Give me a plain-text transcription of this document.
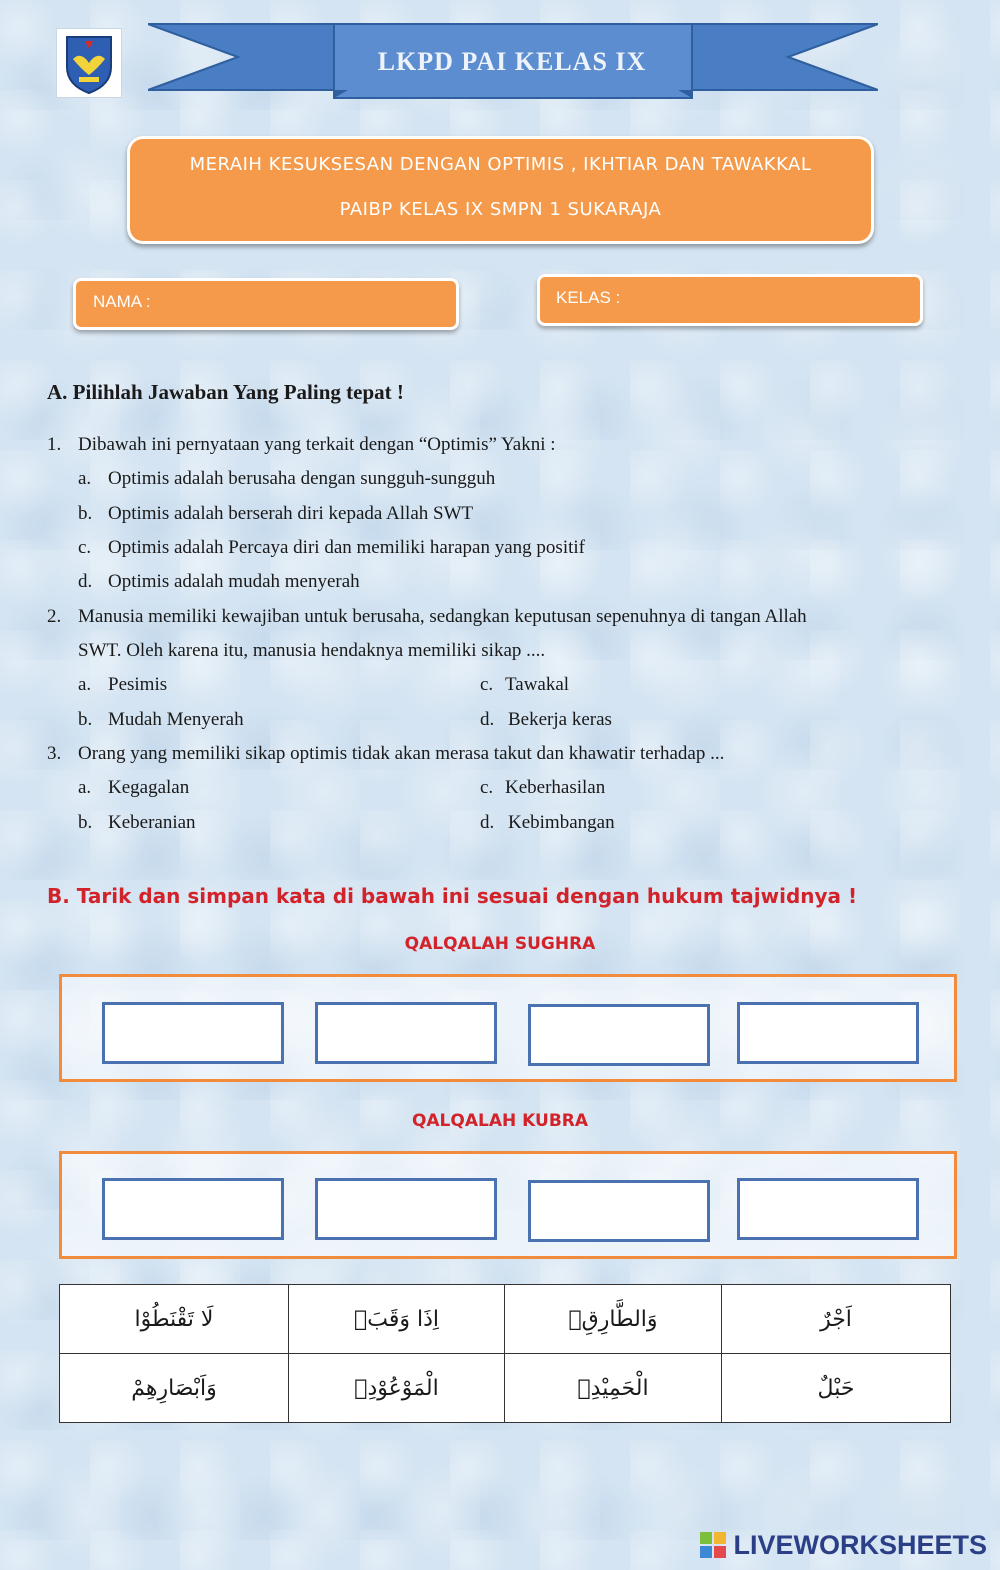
LKPD PAI KELAS IX
MERAIH KESUKSESAN DENGAN OPTIMIS , IKHTIAR DAN TAWAKKAL
PAIBP KELAS IX SMPN 1 SUKARAJA
NAMA :	KELAS :
A. Pilihlah Jawaban Yang Paling tepat !
1. Dibawah ini pernyataan yang terkait dengan “Optimis” Yakni :
a. Optimis adalah berusaha dengan sungguh-sungguh
b. Optimis adalah berserah diri kepada Allah SWT
c. Optimis adalah Percaya diri dan memiliki harapan yang positif
d. Optimis adalah mudah menyerah
2. Manusia memiliki kewajiban untuk berusaha, sedangkan keputusan sepenuhnya di tangan Allah
SWT. Oleh karena itu, manusia hendaknya memiliki sikap ....
a. Pesimis
b. Mudah Menyerah
c. Tawakal
d. Bekerja keras
3. Orang yang memiliki sikap optimis tidak akan merasa takut dan khawatir terhadap ...
a. Kegagalan
b. Keberanian
c. Keberhasilan
d. Kebimbangan
B. Tarik dan simpan kata di bawah ini sesuai dengan hukum tajwidnya !
QALQALAH SUGHRA
QALQALAH KUBRA
لَا تَقْنَطُوْا	اِذَا وَقَبَۙ	وَالطَّارِقِۙ	اَجْرٌ
وَاَبْصَارِهِمْ	الْمَوْعُوْدِۙ	الْحَمِيْدِۙ	حَبْلٌ
LIVEWORKSHEETS
